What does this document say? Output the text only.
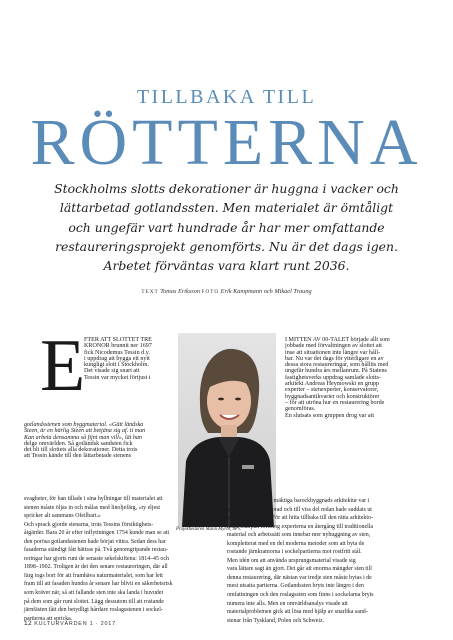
TILLBAKA TILL
RÖTTERNA
Stockholms slotts dekorationer är huggna i vacker och
lättarbetad gotlandssten. Men materialet är ömtåligt
och ungefär vart hundrade år har mer omfattande
restaureringsprojekt genomförts. Nu är det dags igen.
Arbetet förväntas vara klart runt 2036.
TEXT Tomas Eriksson FOTO Erik Kampmann och Mikael Traung
E
FTER ATT SLOTTET TRE
KRONOR brunnit ner 1697
fick Nicodemus Tessin d.y.
i uppdrag att bygga ett nytt
kungligt slott i Stockholm.
Det visade sig snart att
Tessin var mycket förtjust i
gotlandsstenen som byggmaterial. «Gätt ländska
Steen, är en härlig Steen att betjäna sig af. ti man
Kan arbeta densamma så fijnt man vill», lät han
delge omvärlden. Så gotländsk sandsten fick
det bli till slottets alla dekorationer. Detta trots
att Tessin kände till den lättarbetade stenens
svagheter, för han tillade i sina hyllningar till materialet att
stenen måste öljas in och målas med linoljefärg, «ty eljest
spricker alt sammans Ofeilbart.»
Och sprack gjorde stenarna, trots Tessins försiktighets-
åtgärder. Bara 20 år efter inflyttningen 1754 kunde man se att
den porösa gotlandsstenen hade börjat vittra. Sedan dess har
fasaderna ständigt fått bättras på. Två genomgripande restau-
reringar har gjorts runt de senaste sekelskiftena: 1814–45 och
1898–1902. Troligen är det den senare restaureringen, där all
färg togs bort för att framhäva naturmaterialet, som har lett
fram till att fasaden hundra år senare har blivit en säkerhetsrisk
som kräver när, så att fallande sten inte ska landa i huvudet
på dem som går runt slottet. Lägg dessutom till att rostande
järnfästen fått den betydligt hårdare roslagsstenen i sockel-
partierna att spricka.
Projektledaren Malin Myrin, SFV.
I MITTEN AV 00-TALET började allt som
jobbade med förvaltningen av slottet att
inse att situationen inte längre var håll-
bar. Nu var det dags för ytterligare en av
dessa stora restaureringar, som hållits med
ungefär hundra års mellanrum. På Statens
fastighetsverks uppdrag samlade slotts-
arkitekt Andreas Heymowski en grupp
experter – stenexperter, konservatorer,
byggnadsantikvarier och konstruktörer
– för att utröna hur en restaurering borde
genomföras.
En slutsats som gruppen drog var att
tydligheten i denna mäktiga barockbyggnads arkitektur var i
akut risk att gå förlorad och till viss del redan hade suddats ut
av väder och vind. För att hitta tillbaka till den rätta arkitekto-
niska skärpan föreslog experterna en återgång till traditionella
material och arbetssätt som innebar mer nyhuggning av sten,
kompletterat med en del moderna metoder som att byta de
rostande järnkramorna i sockelpartierna mot rostfritt stål.
Men idén om att använda ursprungsmaterial visade sig
vara lättare sagt än gjort. Det går att enorma mängder sten till
denna restaurering, där nästan var tredje sten måste bytas i de
mest utsatta partierna. Gotlandssten bryts inte längre i den
omfattningen och den roslagssten som finns i sockelarna bryts
numera inte alls. Men en omvärldsanalys visade att
materialproblemen gick att lösa med hjälp av snarlika sand-
stenar från Tyskland, Polen och Schweiz.
12 KULTURVÄRDEN 1 · 2017
